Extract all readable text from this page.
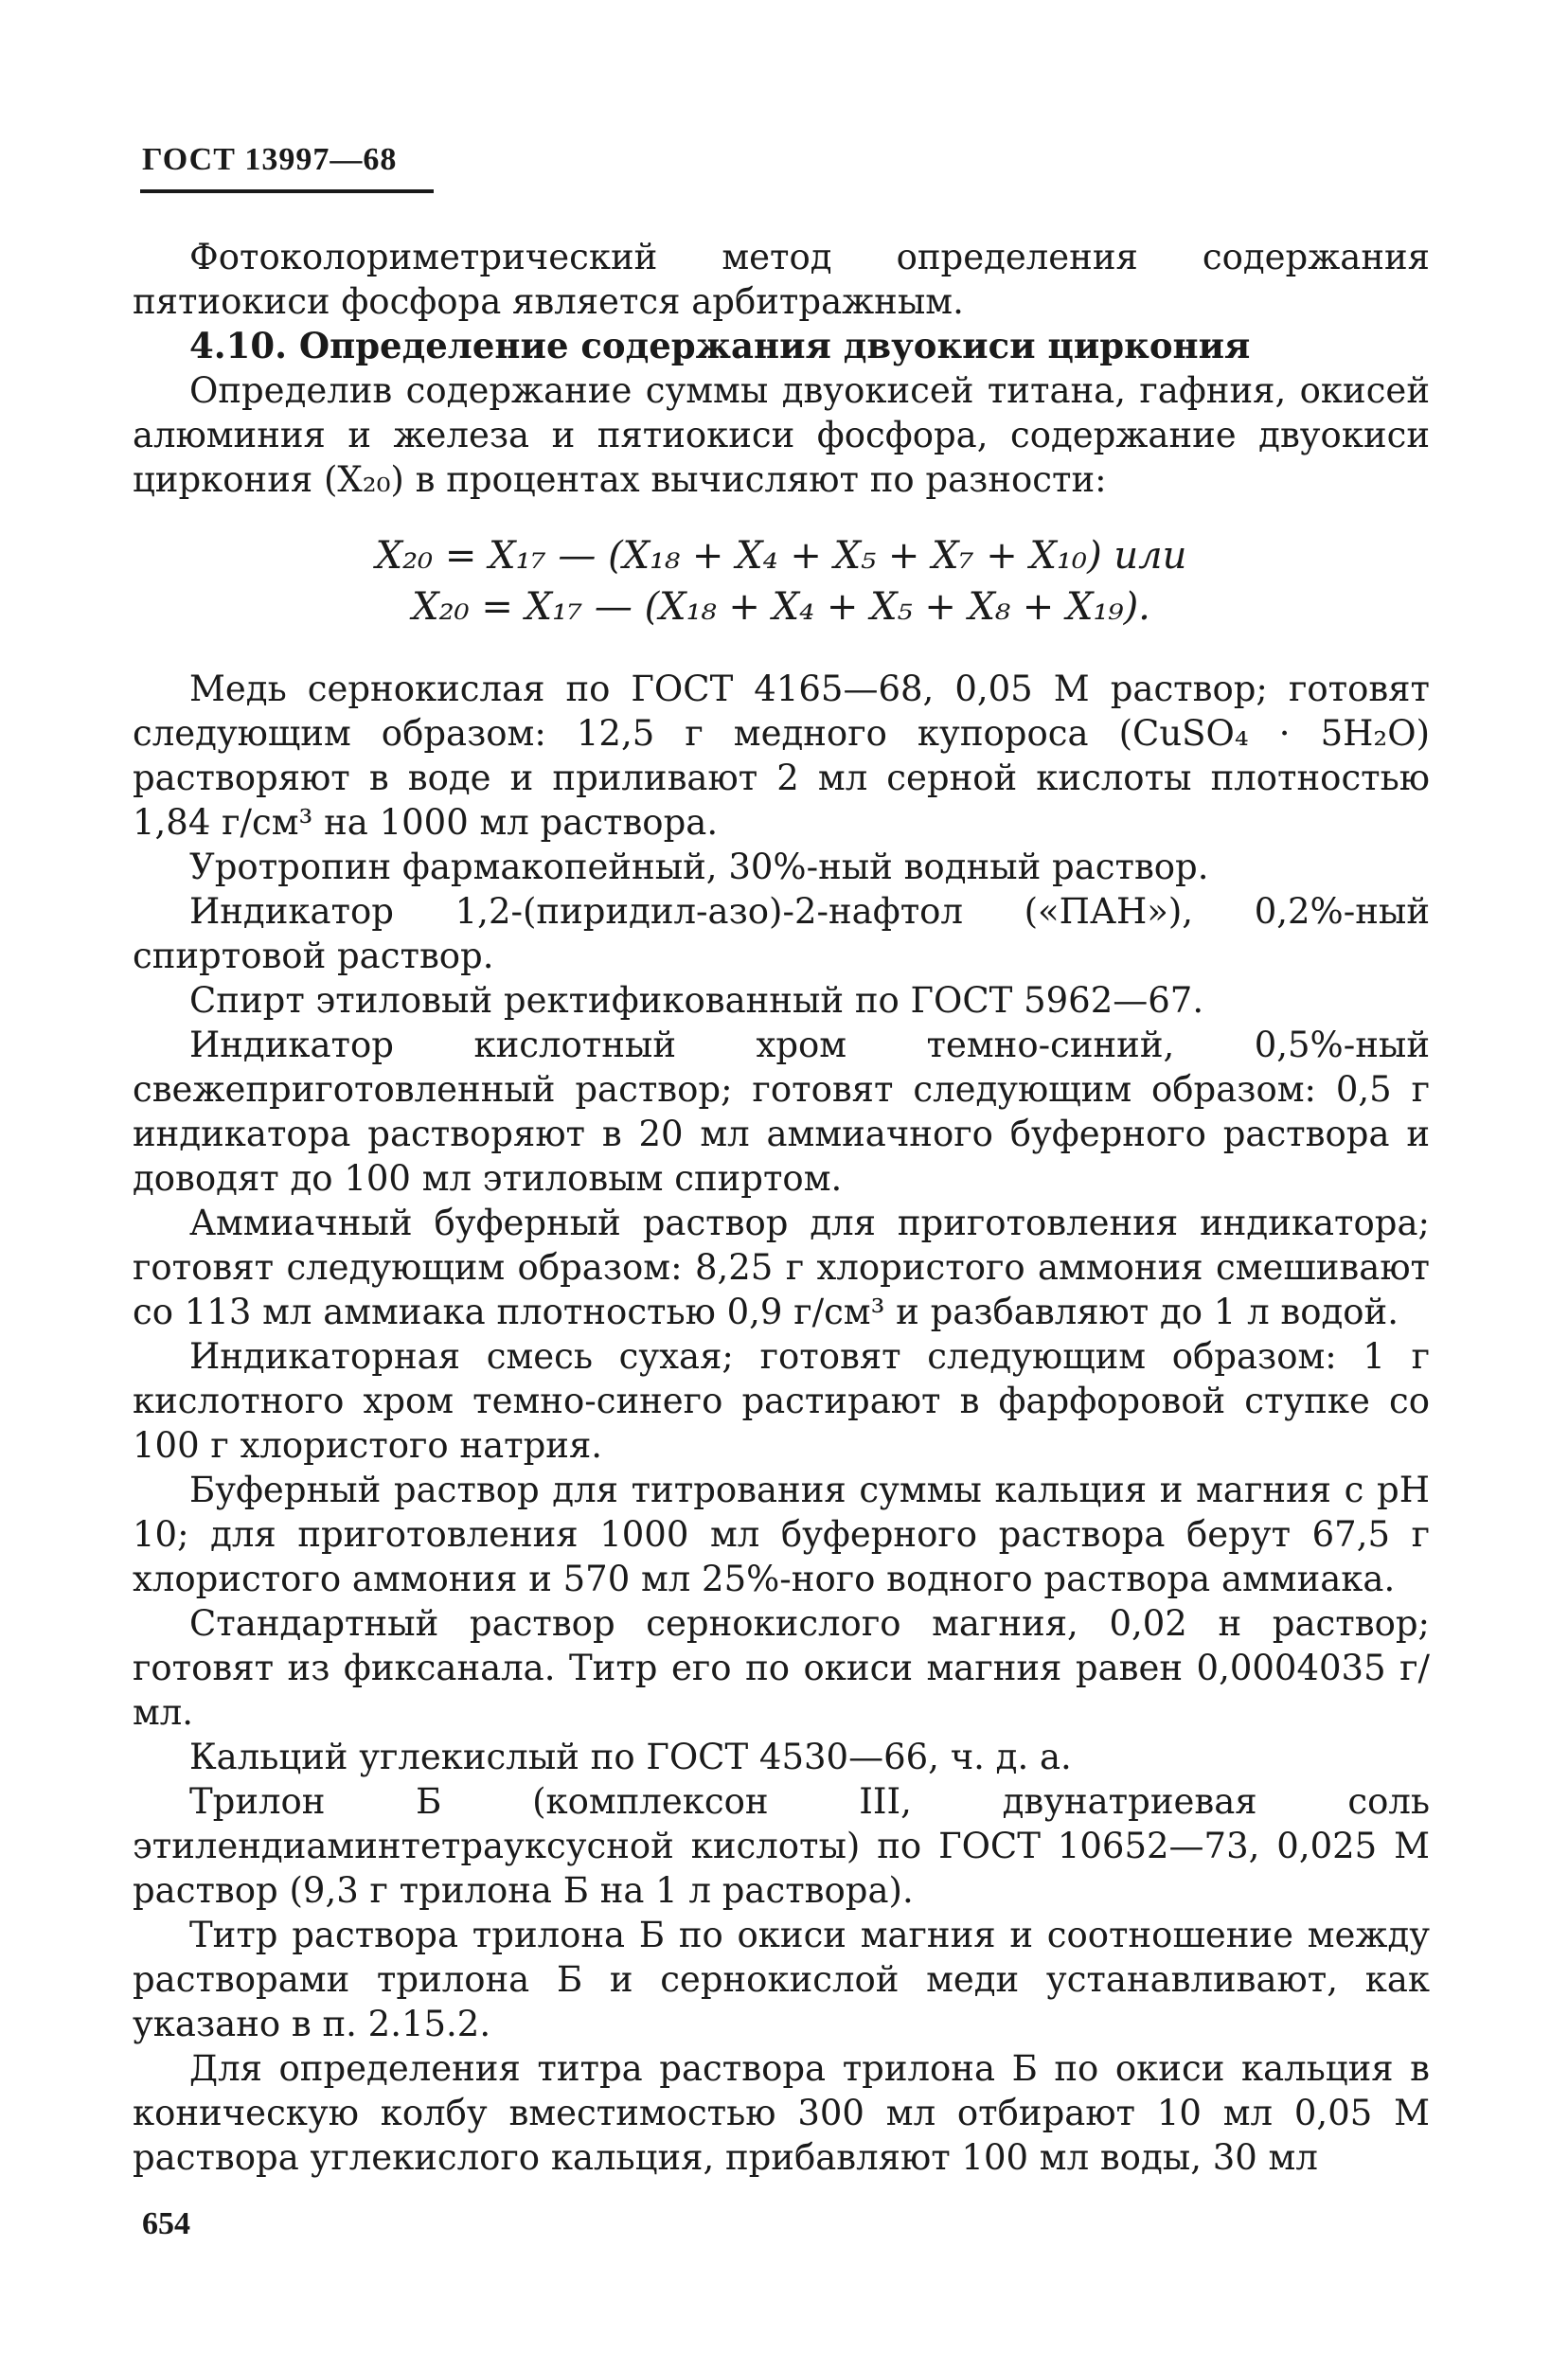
ГОСТ 13997—68

Фотоколориметрический метод определения содержания пятиокиси фосфора является арбитражным.

4.10. Определение содержания двуокиси циркония

Определив содержание суммы двуокисей титана, гафния, окисей алюминия и железа и пятиокиси фосфора, содержание двуокиси циркония (X₂₀) в процентах вычисляют по разности:

X₂₀ = X₁₇ — (X₁₈ + X₄ + X₅ + X₇ + X₁₀) или
X₂₀ = X₁₇ — (X₁₈ + X₄ + X₅ + X₈ + X₁₉).

Медь сернокислая по ГОСТ 4165—68, 0,05 М раствор; готовят следующим образом: 12,5 г медного купороса (CuSO₄ · 5H₂O) растворяют в воде и приливают 2 мл серной кислоты плотностью 1,84 г/см³ на 1000 мл раствора.

Уротропин фармакопейный, 30%-ный водный раствор.

Индикатор 1,2-(пиридил-азо)-2-нафтол («ПАН»), 0,2%-ный спиртовой раствор.

Спирт этиловый ректификованный по ГОСТ 5962—67.

Индикатор кислотный хром темно-синий, 0,5%-ный свежеприготовленный раствор; готовят следующим образом: 0,5 г индикатора растворяют в 20 мл аммиачного буферного раствора и доводят до 100 мл этиловым спиртом.

Аммиачный буферный раствор для приготовления индикатора; готовят следующим образом: 8,25 г хлористого аммония смешивают со 113 мл аммиака плотностью 0,9 г/см³ и разбавляют до 1 л водой.

Индикаторная смесь сухая; готовят следующим образом: 1 г кислотного хром темно-синего растирают в фарфоровой ступке со 100 г хлористого натрия.

Буферный раствор для титрования суммы кальция и магния с pH 10; для приготовления 1000 мл буферного раствора берут 67,5 г хлористого аммония и 570 мл 25%-ного водного раствора аммиака.

Стандартный раствор сернокислого магния, 0,02 н раствор; готовят из фиксанала. Титр его по окиси магния равен 0,0004035 г/мл.

Кальций углекислый по ГОСТ 4530—66, ч. д. а.

Трилон Б (комплексон III, двунатриевая соль этилендиаминтетрауксусной кислоты) по ГОСТ 10652—73, 0,025 М раствор (9,3 г трилона Б на 1 л раствора).

Титр раствора трилона Б по окиси магния и соотношение между растворами трилона Б и сернокислой меди устанавливают, как указано в п. 2.15.2.

Для определения титра раствора трилона Б по окиси кальция в коническую колбу вместимостью 300 мл отбирают 10 мл 0,05 М раствора углекислого кальция, прибавляют 100 мл воды, 30 мл

654
